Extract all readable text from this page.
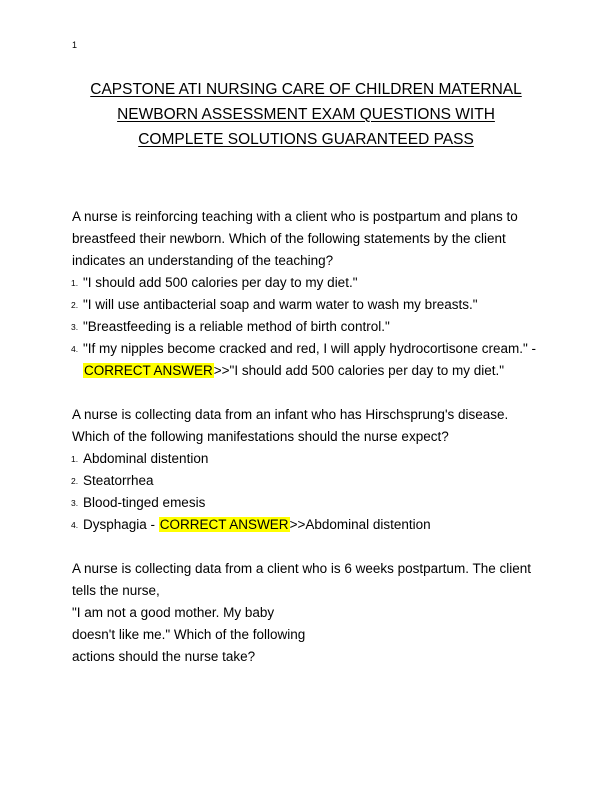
1
CAPSTONE ATI NURSING CARE OF CHILDREN MATERNAL
NEWBORN ASSESSMENT EXAM QUESTIONS WITH
COMPLETE SOLUTIONS GUARANTEED PASS

A nurse is reinforcing teaching with a client who is postpartum and plans to breastfeed their newborn. Which of the following statements by the client indicates an understanding of the teaching?

1. "I should add 500 calories per day to my diet."
2. "I will use antibacterial soap and warm water to wash my breasts."
3. "Breastfeeding is a reliable method of birth control."
4. "If my nipples become cracked and red, I will apply hydrocortisone cream." - CORRECT ANSWER>>"I should add 500 calories per day to my diet."

A nurse is collecting data from an infant who has Hirschsprung's disease. Which of the following manifestations should the nurse expect?

1. Abdominal distention
2. Steatorrhea
3. Blood-tinged emesis
4. Dysphagia - CORRECT ANSWER>>Abdominal distention
A nurse is collecting data from a client who is 6 weeks postpartum. The client tells the nurse,
"I am not a good mother. My baby
doesn't like me." Which of the following
actions should the nurse take?
